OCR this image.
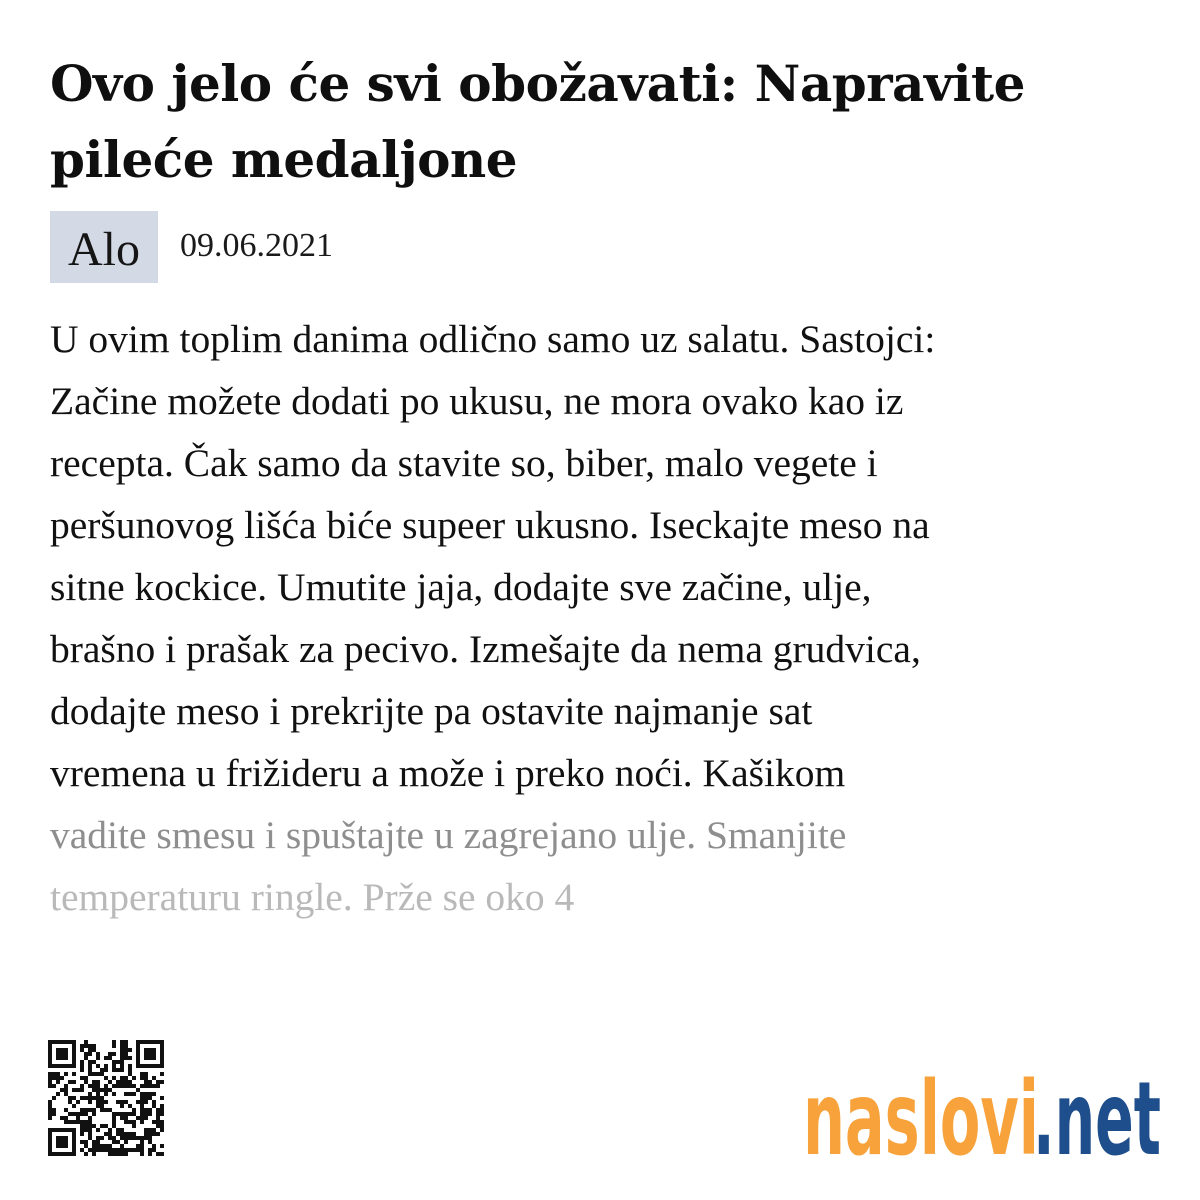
Ovo jelo će svi obožavati: Napravite pileće medaljone
Alo	09.06.2021

U ovim toplim danima odlično samo uz salatu. Sastojci:
Začine možete dodati po ukusu, ne mora ovako kao iz
recepta. Čak samo da stavite so, biber, malo vegete i
peršunovog lišća biće supeer ukusno. Iseckajte meso na
sitne kockice. Umutite jaja, dodajte sve začine, ulje,
brašno i prašak za pecivo. Izmešajte da nema grudvica,
dodajte meso i prekrijte pa ostavite najmanje sat
vremena u frižideru a može i preko noći. Kašikom
vadite smesu i spuštajte u zagrejano ulje. Smanjite
temperaturu ringle. Prže se oko 4

naslovi
.net
